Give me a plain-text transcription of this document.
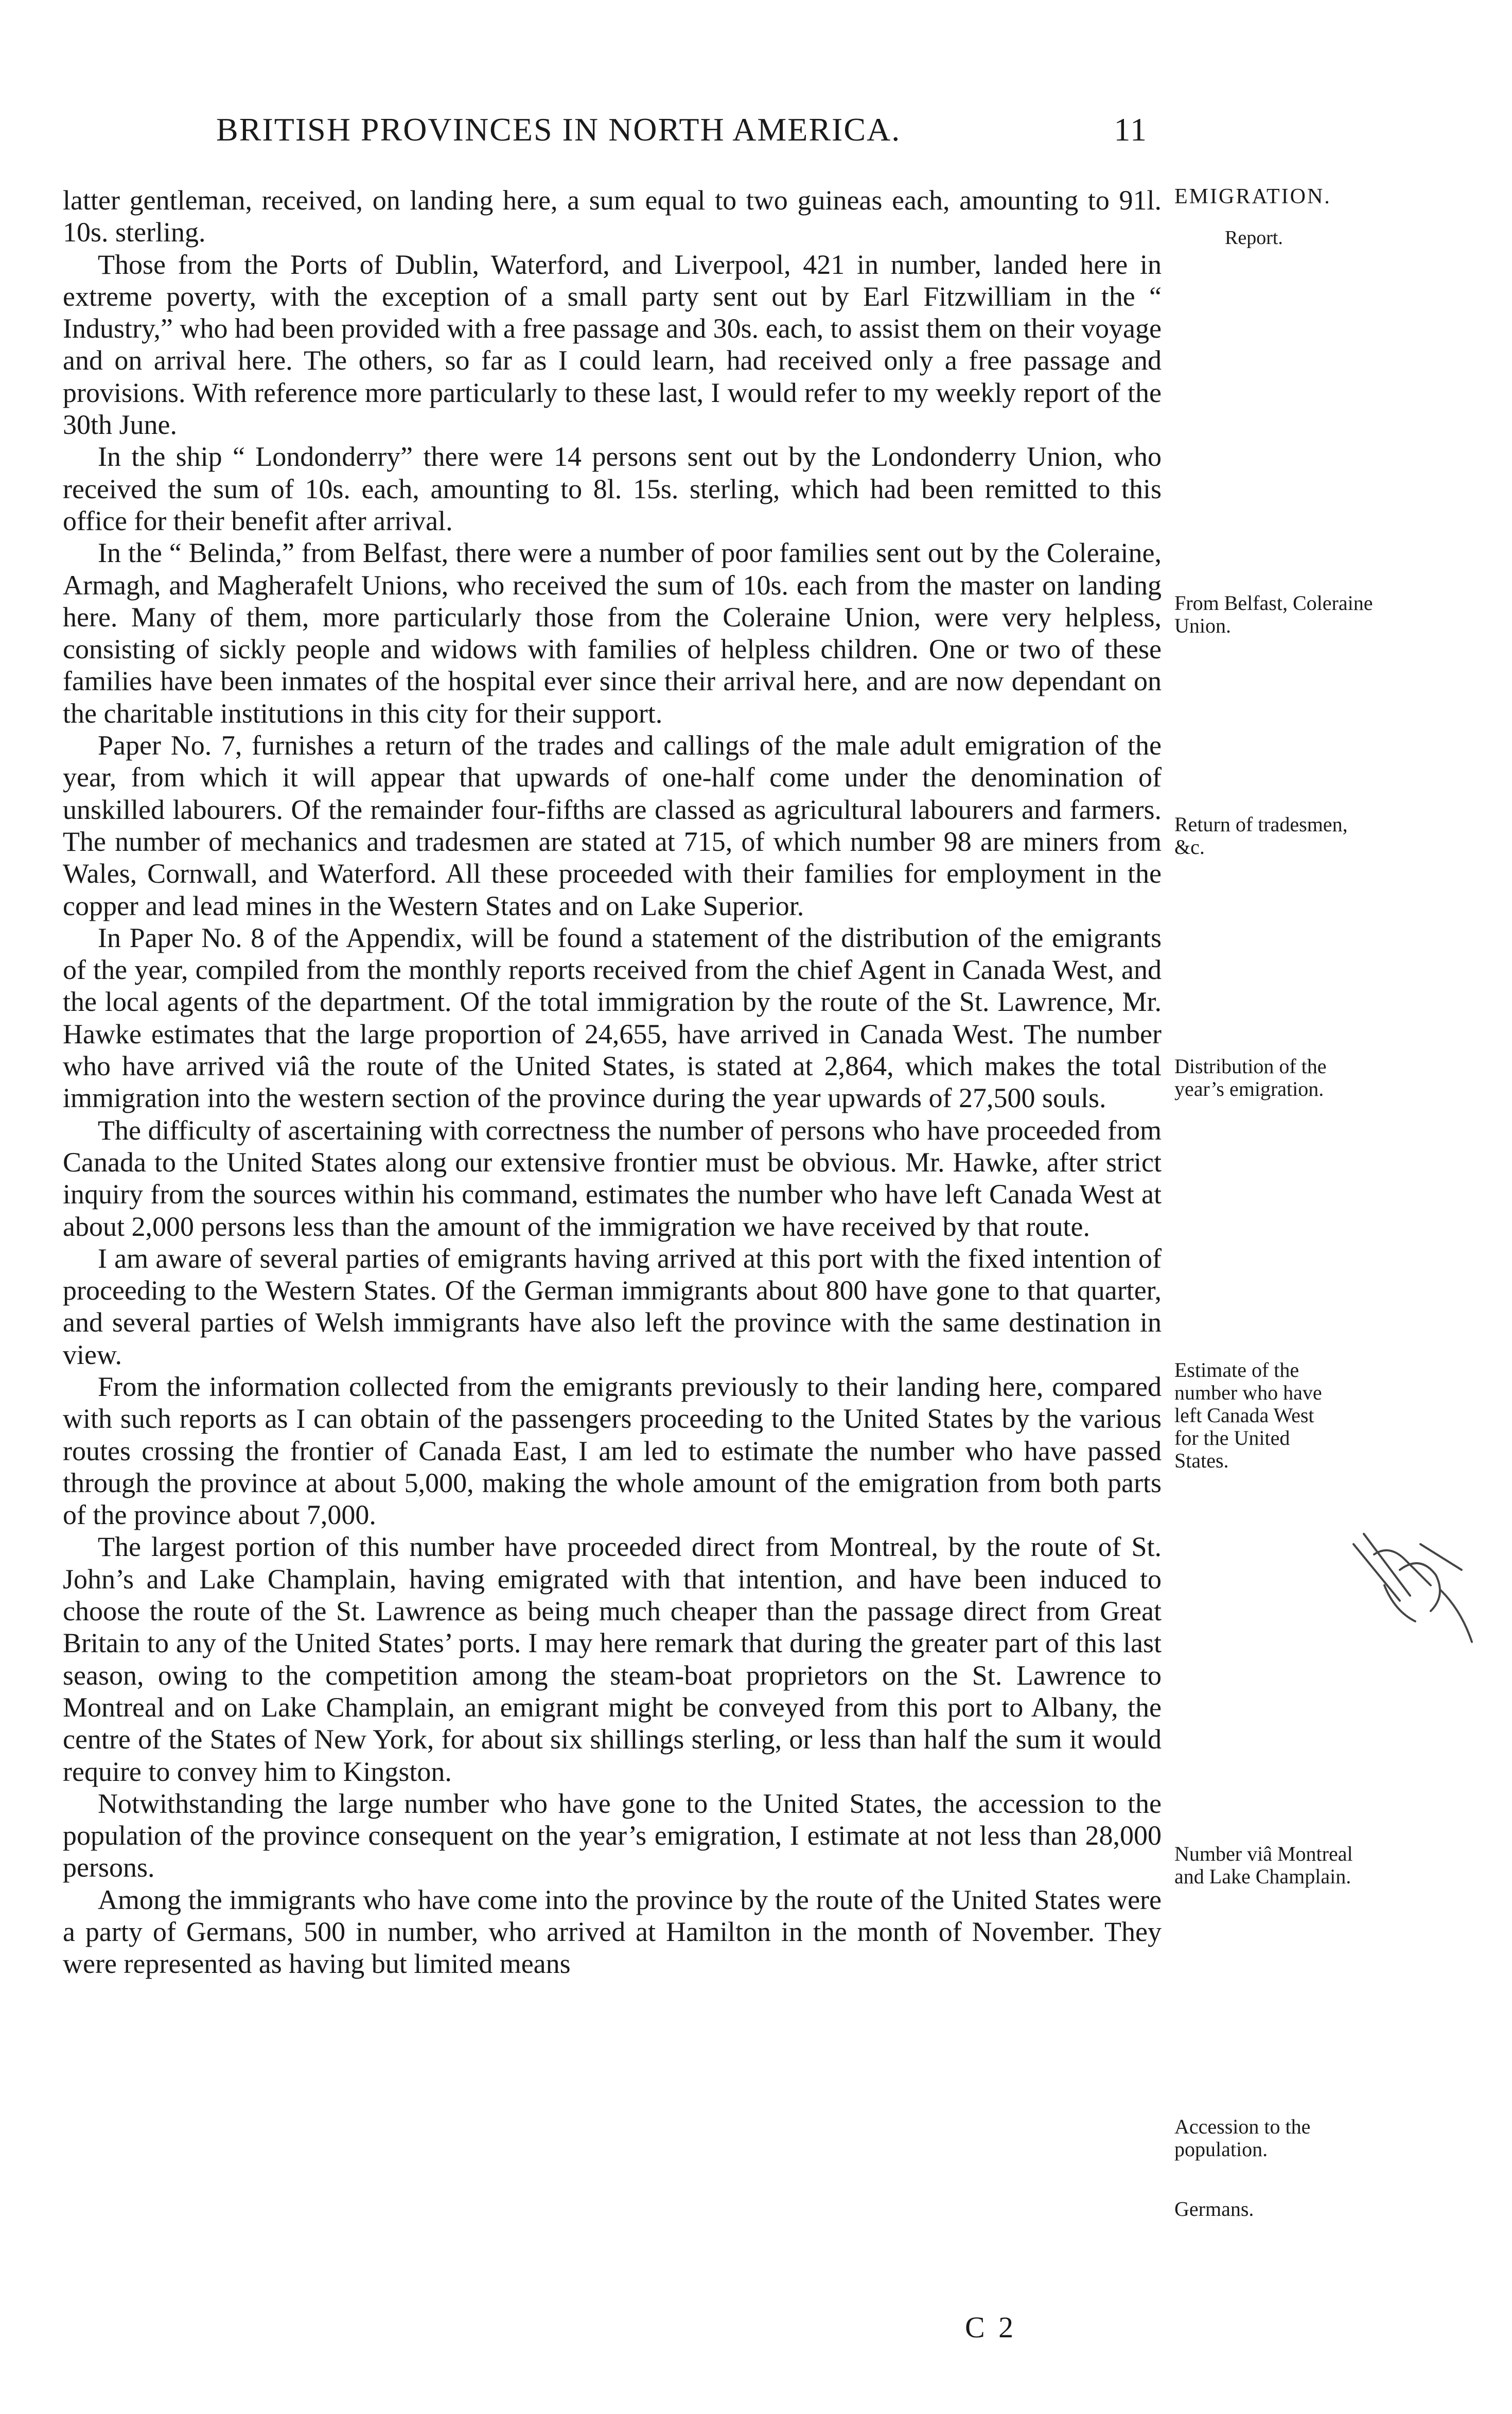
BRITISH PROVINCES IN NORTH AMERICA.	11

latter gentleman, received, on landing here, a sum equal to two guineas each, amounting to 91l. 10s. sterling.

Those from the Ports of Dublin, Waterford, and Liverpool, 421 in number, landed here in extreme poverty, with the exception of a small party sent out by Earl Fitzwilliam in the “ Industry,” who had been provided with a free passage and 30s. each, to assist them on their voyage and on arrival here. The others, so far as I could learn, had received only a free passage and provisions. With reference more particularly to these last, I would refer to my weekly report of the 30th June.

In the ship “ Londonderry” there were 14 persons sent out by the Londonderry Union, who received the sum of 10s. each, amounting to 8l. 15s. sterling, which had been remitted to this office for their benefit after arrival.

In the “ Belinda,” from Belfast, there were a number of poor families sent out by the Coleraine, Armagh, and Magherafelt Unions, who received the sum of 10s. each from the master on landing here. Many of them, more particularly those from the Coleraine Union, were very helpless, consisting of sickly people and widows with families of helpless children. One or two of these families have been inmates of the hospital ever since their arrival here, and are now dependant on the charitable institutions in this city for their support.

Paper No. 7, furnishes a return of the trades and callings of the male adult emigration of the year, from which it will appear that upwards of one-half come under the denomination of unskilled labourers. Of the remainder four-fifths are classed as agricultural labourers and farmers. The number of mechanics and tradesmen are stated at 715, of which number 98 are miners from Wales, Cornwall, and Waterford. All these proceeded with their families for employment in the copper and lead mines in the Western States and on Lake Superior.

In Paper No. 8 of the Appendix, will be found a statement of the distribution of the emigrants of the year, compiled from the monthly reports received from the chief Agent in Canada West, and the local agents of the department. Of the total immigration by the route of the St. Lawrence, Mr. Hawke estimates that the large proportion of 24,655, have arrived in Canada West. The number who have arrived viâ the route of the United States, is stated at 2,864, which makes the total immigration into the western section of the province during the year upwards of 27,500 souls.

The difficulty of ascertaining with correctness the number of persons who have proceeded from Canada to the United States along our extensive frontier must be obvious. Mr. Hawke, after strict inquiry from the sources within his command, estimates the number who have left Canada West at about 2,000 persons less than the amount of the immigration we have received by that route.

I am aware of several parties of emigrants having arrived at this port with the fixed intention of proceeding to the Western States. Of the German immigrants about 800 have gone to that quarter, and several parties of Welsh immigrants have also left the province with the same destination in view.

From the information collected from the emigrants previously to their landing here, compared with such reports as I can obtain of the passengers proceeding to the United States by the various routes crossing the frontier of Canada East, I am led to estimate the number who have passed through the province at about 5,000, making the whole amount of the emigration from both parts of the province about 7,000.

The largest portion of this number have proceeded direct from Montreal, by the route of St. John’s and Lake Champlain, having emigrated with that intention, and have been induced to choose the route of the St. Lawrence as being much cheaper than the passage direct from Great Britain to any of the United States’ ports. I may here remark that during the greater part of this last season, owing to the competition among the steam-boat proprietors on the St. Lawrence to Montreal and on Lake Champlain, an emigrant might be conveyed from this port to Albany, the centre of the States of New York, for about six shillings sterling, or less than half the sum it would require to convey him to Kingston.

Notwithstanding the large number who have gone to the United States, the accession to the population of the province consequent on the year’s emigration, I estimate at not less than 28,000 persons.

Among the immigrants who have come into the province by the route of the United States were a party of Germans, 500 in number, who arrived at Hamilton in the month of November. They were represented as having but limited means

EMIGRATION.
Report.
From Belfast, Coleraine Union.
Return of tradesmen, &c.
Distribution of the year’s emigration.
Estimate of the number who have left Canada West for the United States.
Number viâ Montreal and Lake Champlain.
Accession to the population.
Germans.
C 2
